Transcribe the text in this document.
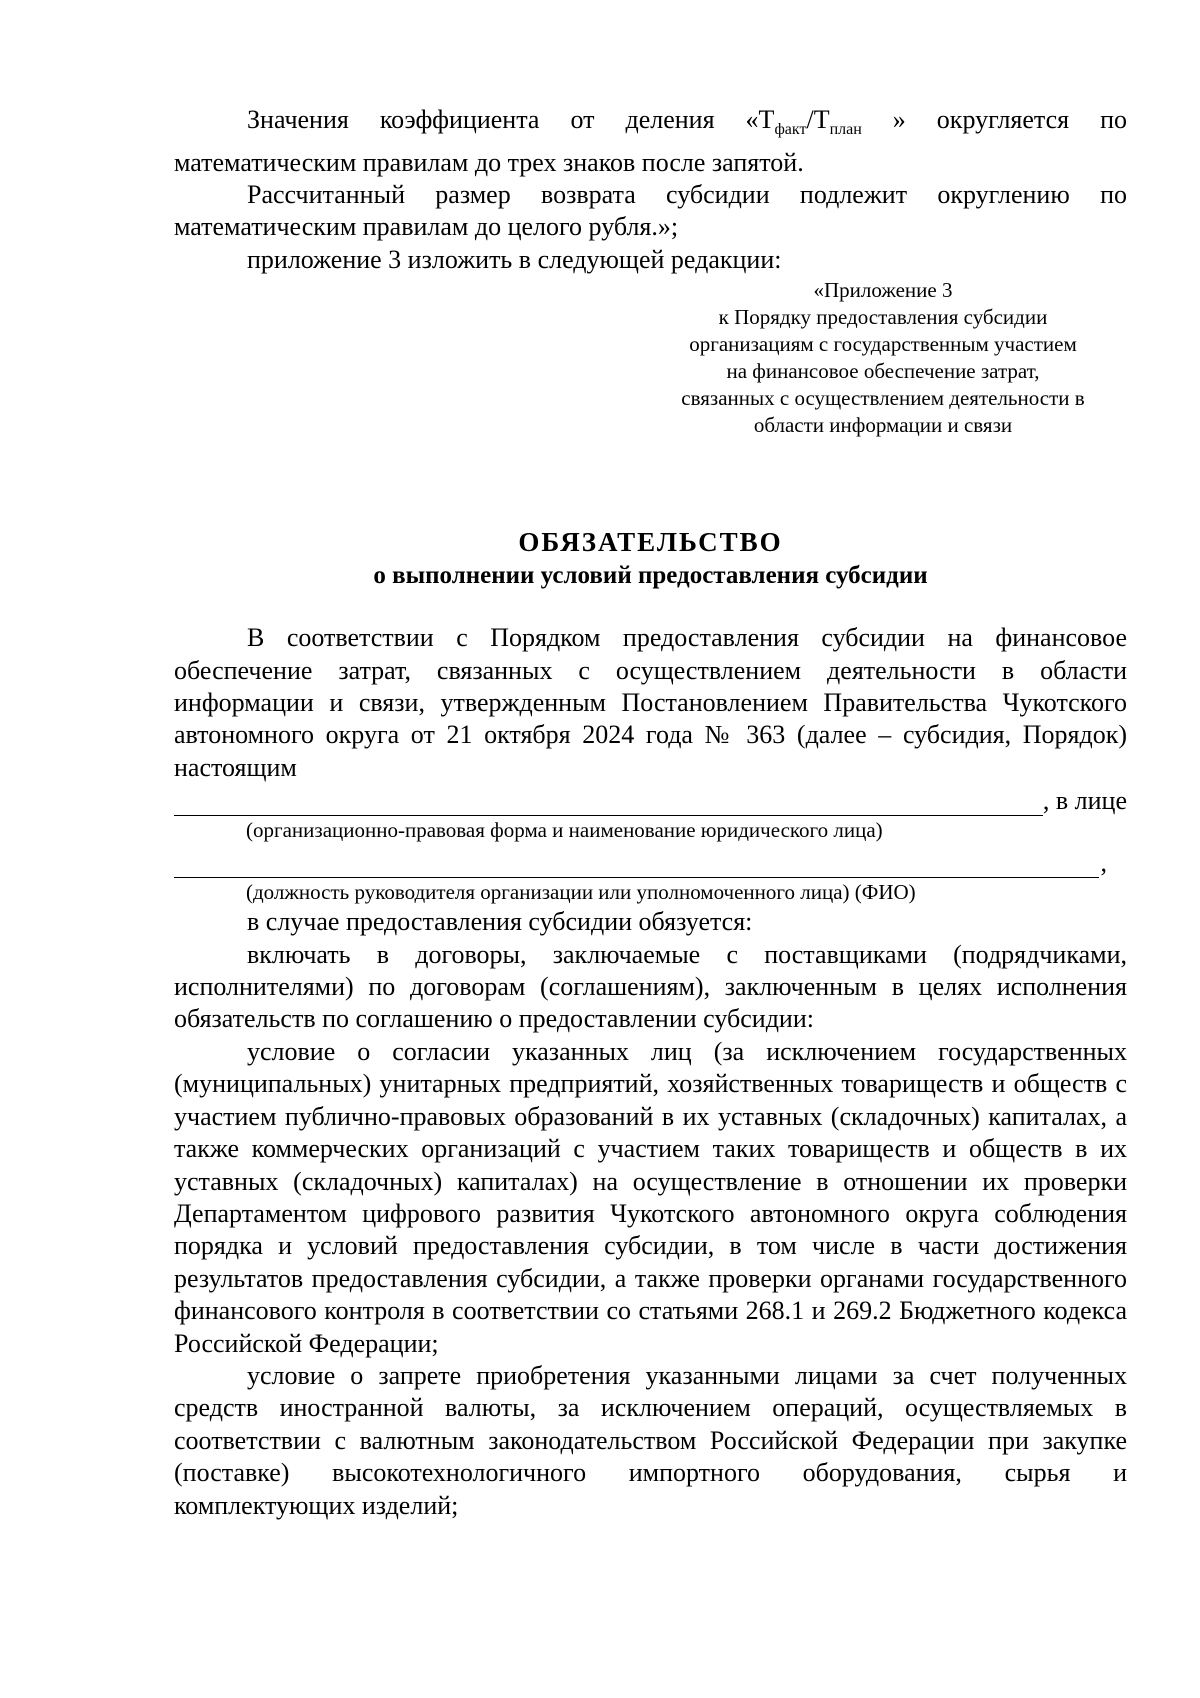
Значения коэффициента от деления «$Т_{факт}/Т_{план}$ » округляется по математическим правилам до трех знаков после запятой.

Рассчитанный размер возврата субсидии подлежит округлению по математическим правилам до целого рубля.»;

приложение 3 изложить в следующей редакции:

«Приложение 3

к Порядку предоставления субсидии

организациям с государственным участием

на финансовое обеспечение затрат,

связанных с осуществлением деятельности в

области информации и связи

ОБЯЗАТЕЛЬСТВО
о выполнении условий предоставления субсидии

В соответствии с Порядком предоставления субсидии на финансовое обеспечение затрат, связанных с осуществлением деятельности в области информации и связи, утвержденным Постановлением Правительства Чукотского автономного округа от 21 октября 2024 года № 363 (далее – субсидия, Порядок) настоящим

, в лице

(организационно-правовая форма и наименование юридического лица)

,

(должность руководителя организации или уполномоченного лица) (ФИО)

в случае предоставления субсидии обязуется:

включать в договоры, заключаемые с поставщиками (подрядчиками, исполнителями) по договорам (соглашениям), заключенным в целях исполнения обязательств по соглашению о предоставлении субсидии:

условие о согласии указанных лиц (за исключением государственных (муниципальных) унитарных предприятий, хозяйственных товариществ и обществ с участием публично-правовых образований в их уставных (складочных) капиталах, а также коммерческих организаций с участием таких товариществ и обществ в их уставных (складочных) капиталах) на осуществление в отношении их проверки Департаментом цифрового развития Чукотского автономного округа соблюдения порядка и условий предоставления субсидии, в том числе в части достижения результатов предоставления субсидии, а также проверки органами государственного финансового контроля в соответствии со статьями 268.1 и 269.2 Бюджетного кодекса Российской Федерации;

условие о запрете приобретения указанными лицами за счет полученных средств иностранной валюты, за исключением операций, осуществляемых в соответствии с валютным законодательством Российской Федерации при закупке (поставке) высокотехнологичного импортного оборудования, сырья и комплектующих изделий;
